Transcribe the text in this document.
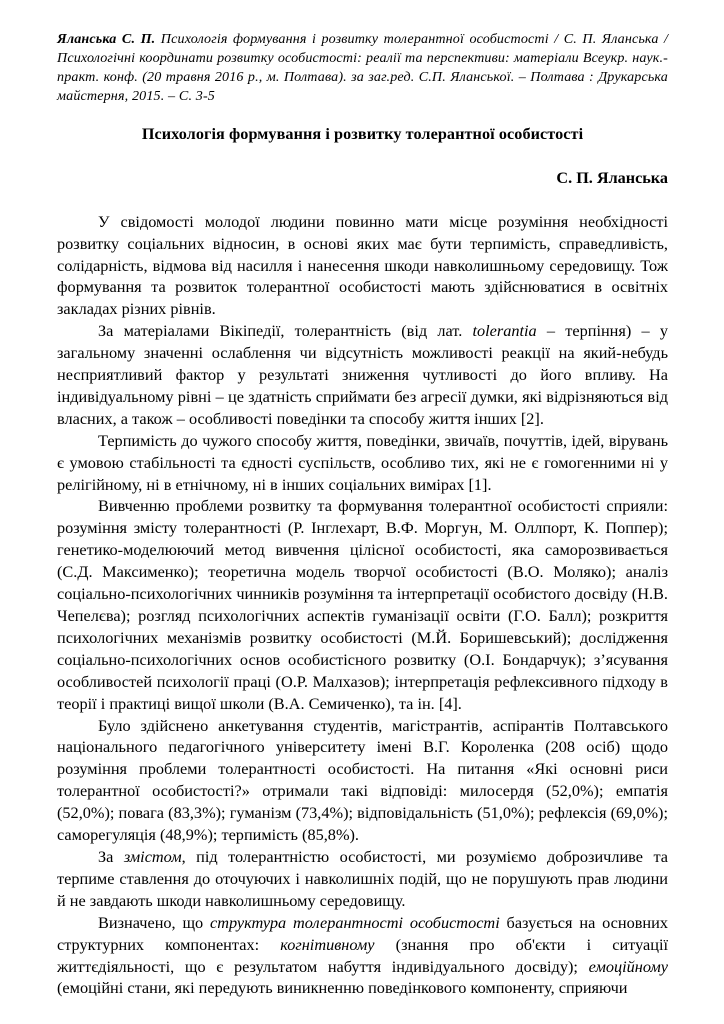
Яланська С. П. Психологія формування і розвитку толерантної особистості / С. П. Яланська / Психологічні координати розвитку особистості: реалії та перспективи: матеріали Всеукр. наук.-практ. конф. (20 травня 2016 р., м. Полтава). за заг.ред. С.П. Яланської. – Полтава : Друкарська майстерня, 2015. – С. 3-5

Психологія формування і розвитку толерантної особистості
С. П. Яланська

У свідомості молодої людини повинно мати місце розуміння необхідності розвитку соціальних відносин, в основі яких має бути терпимість, справедливість, солідарність, відмова від насилля і нанесення шкоди навколишньому середовищу. Тож формування та розвиток толерантної особистості мають здійснюватися в освітніх закладах різних рівнів.

За матеріалами Вікіпедії, толерантність (від лат. tolerantia – терпіння) – у загальному значенні ослаблення чи відсутність можливості реакції на який-небудь несприятливий фактор у результаті зниження чутливості до його впливу. На індивідуальному рівні – це здатність сприймати без агресії думки, які відрізняються від власних, а також – особливості поведінки та способу життя інших [2].

Терпимість до чужого способу життя, поведінки, звичаїв, почуттів, ідей, вірувань є умовою стабільності та єдності суспільств, особливо тих, які не є гомогенними ні у релігійному, ні в етнічному, ні в інших соціальних вимірах [1].

Вивченню проблеми розвитку та формування толерантної особистості сприяли: розуміння змісту толерантності (Р. Інглехарт, В.Ф. Моргун, М. Оллпорт, К. Поппер); генетико-моделюючий метод вивчення цілісної особистості, яка саморозвивається (С.Д. Максименко); теоретична модель творчої особистості (В.О. Моляко); аналіз соціально-психологічних чинників розуміння та інтерпретації особистого досвіду (Н.В. Чепелєва); розгляд психологічних аспектів гуманізації освіти (Г.О. Балл); розкриття психологічних механізмів розвитку особистості (М.Й. Боришевський); дослідження соціально-психологічних основ особистісного розвитку (О.І. Бондарчук); з’ясування особливостей психології праці (О.Р. Малхазов); інтерпретація рефлексивного підходу в теорії і практиці вищої школи (В.А. Семиченко), та ін. [4].

Було здійснено анкетування студентів, магістрантів, аспірантів Полтавського національного педагогічного університету імені В.Г. Короленка (208 осіб) щодо розуміння проблеми толерантності особистості. На питання «Які основні риси толерантної особистості?» отримали такі відповіді: милосердя (52,0%); емпатія (52,0%); повага (83,3%); гуманізм (73,4%); відповідальність (51,0%); рефлексія (69,0%); саморегуляція (48,9%); терпимість (85,8%).

За змістом, під толерантністю особистості, ми розуміємо доброзичливе та терпиме ставлення до оточуючих і навколишніх подій, що не порушують прав людини й не завдають шкоди навколишньому середовищу.

Визначено, що структура толерантності особистості базується на основних структурних компонентах: когнітивному (знання про об'єкти і ситуації життєдіяльності, що є результатом набуття індивідуального досвіду); емоційному (емоційні стани, які передують виникненню поведінкового компоненту, сприяючи
